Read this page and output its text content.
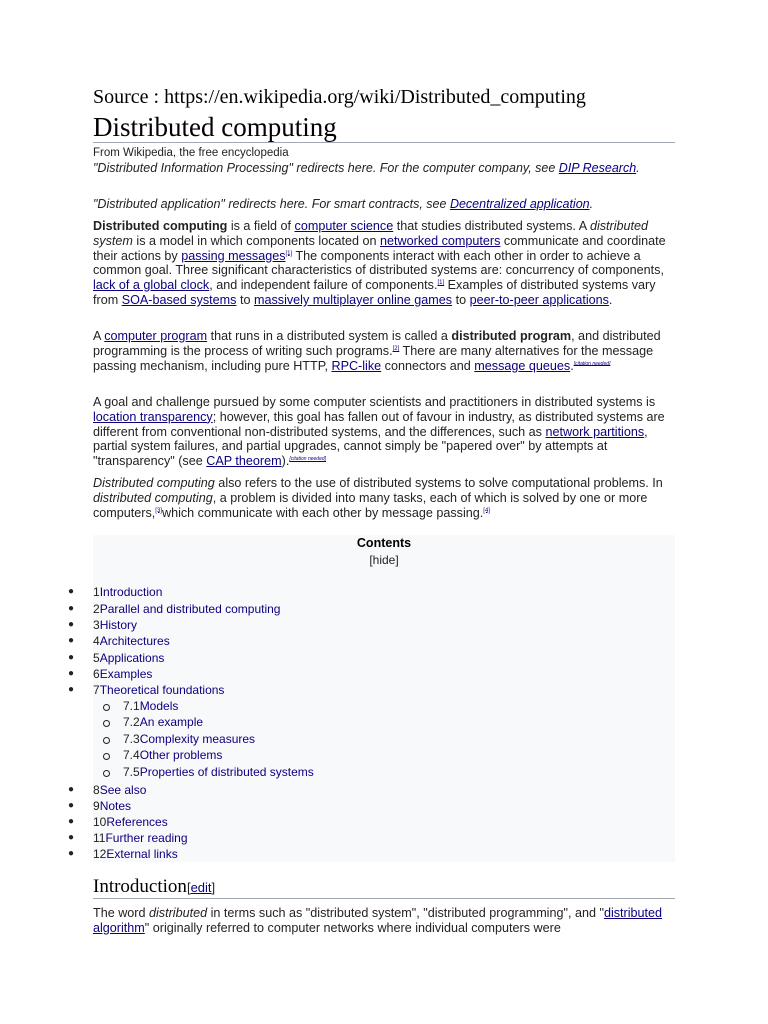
Source : https://en.wikipedia.org/wiki/Distributed_computing
Distributed computing
From Wikipedia, the free encyclopedia
"Distributed Information Processing" redirects here. For the computer company, see DIP Research.
"Distributed application" redirects here. For smart contracts, see Decentralized application.

Distributed computing is a field of computer science that studies distributed systems. A distributed system is a model in which components located on networked computers communicate and coordinate their actions by passing messages[1] The components interact with each other in order to achieve a common goal. Three significant characteristics of distributed systems are: concurrency of components, lack of a global clock, and independent failure of components.[1] Examples of distributed systems vary from SOA-based systems to massively multiplayer online games to peer-to-peer applications.

A computer program that runs in a distributed system is called a distributed program, and distributed programming is the process of writing such programs.[2] There are many alternatives for the message passing mechanism, including pure HTTP, RPC-like connectors and message queues.[citation needed]

A goal and challenge pursued by some computer scientists and practitioners in distributed systems is location transparency; however, this goal has fallen out of favour in industry, as distributed systems are different from conventional non-distributed systems, and the differences, such as network partitions, partial system failures, and partial upgrades, cannot simply be "papered over" by attempts at "transparency" (see CAP theorem).[citation needed]

Distributed computing also refers to the use of distributed systems to solve computational problems. In distributed computing, a problem is divided into many tasks, each of which is solved by one or more computers,[3]which communicate with each other by message passing.[4]

Contents
[hide]
● 1Introduction
● 2Parallel and distributed computing
● 3History
● 4Architectures
● 5Applications
● 6Examples
● 7Theoretical foundations
7.1Models
7.2An example
7.3Complexity measures
7.4Other problems
7.5Properties of distributed systems
● 8See also
● 9Notes
● 10References
● 11Further reading
● 12External links
Introduction[edit]

The word distributed in terms such as "distributed system", "distributed programming", and "distributed algorithm" originally referred to computer networks where individual computers were
